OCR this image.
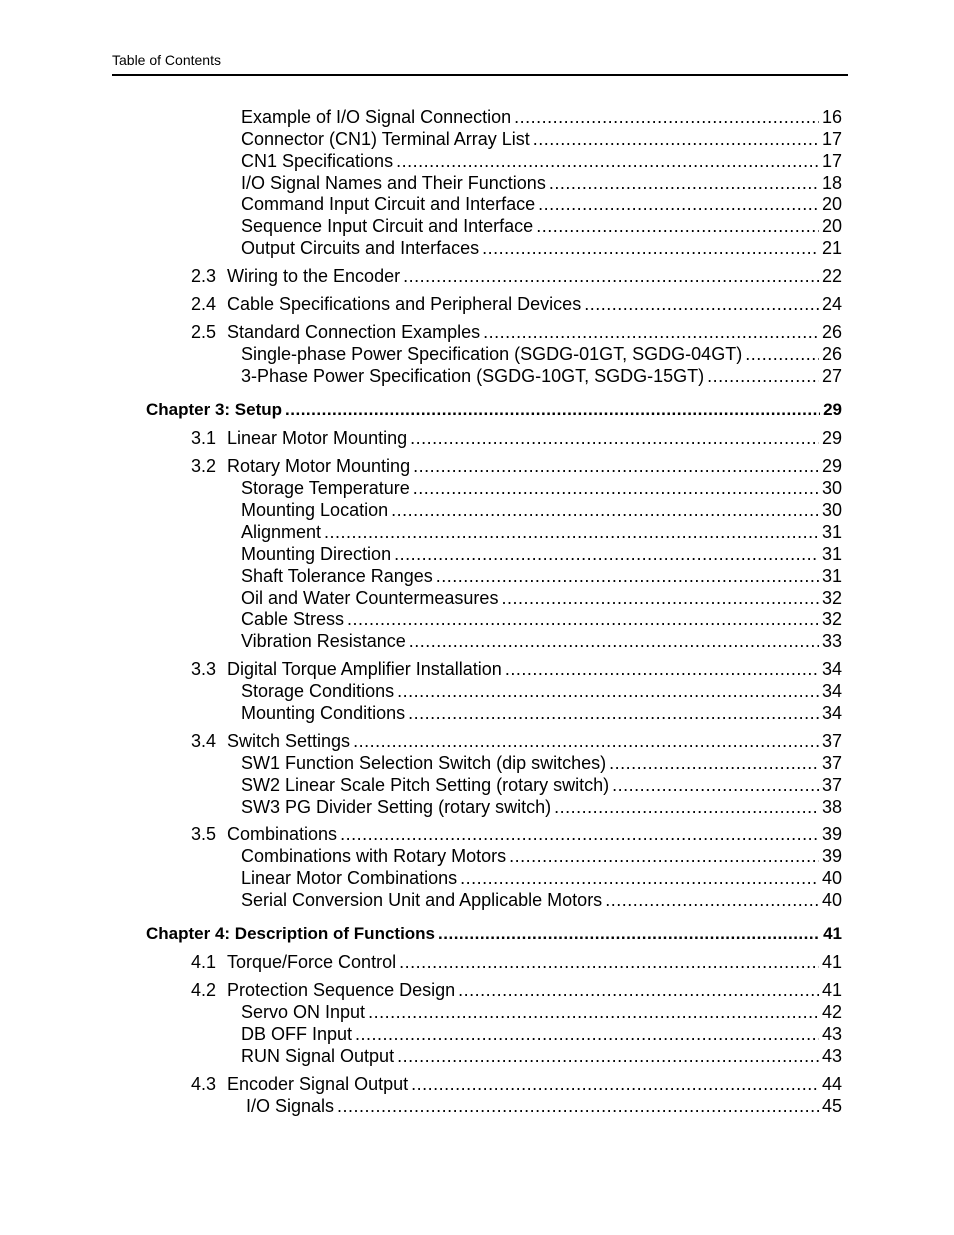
Table of Contents
Example of I/O Signal Connection .....	16
Connector (CN1) Terminal Array List .....	17
CN1 Specifications .....	17
I/O Signal Names and Their Functions .....	18
Command Input Circuit and Interface .....	20
Sequence Input Circuit and Interface .....	20
Output Circuits and Interfaces .....	21
2.3 Wiring to the Encoder .....	22
2.4 Cable Specifications and Peripheral Devices .....	24
2.5 Standard Connection Examples .....	26
Single-phase Power Specification (SGDG-01GT, SGDG-04GT) .....	26
3-Phase Power Specification (SGDG-10GT, SGDG-15GT) .....	27
Chapter 3: Setup .....	29
3.1 Linear Motor Mounting .....	29
3.2 Rotary Motor Mounting .....	29
Storage Temperature .....	30
Mounting Location .....	30
Alignment .....	31
Mounting Direction .....	31
Shaft Tolerance Ranges .....	31
Oil and Water Countermeasures .....	32
Cable Stress .....	32
Vibration Resistance .....	33
3.3 Digital Torque Amplifier Installation .....	34
Storage Conditions .....	34
Mounting Conditions .....	34
3.4 Switch Settings .....	37
SW1 Function Selection Switch (dip switches) .....	37
SW2 Linear Scale Pitch Setting (rotary switch) .....	37
SW3 PG Divider Setting (rotary switch) .....	38
3.5 Combinations .....	39
Combinations with Rotary Motors .....	39
Linear Motor Combinations .....	40
Serial Conversion Unit and Applicable Motors .....	40
Chapter 4: Description of Functions .....	41
4.1 Torque/Force Control .....	41
4.2 Protection Sequence Design .....	41
Servo ON Input .....	42
DB OFF Input .....	43
RUN Signal Output .....	43
4.3 Encoder Signal Output .....	44
I/O Signals .....	45
